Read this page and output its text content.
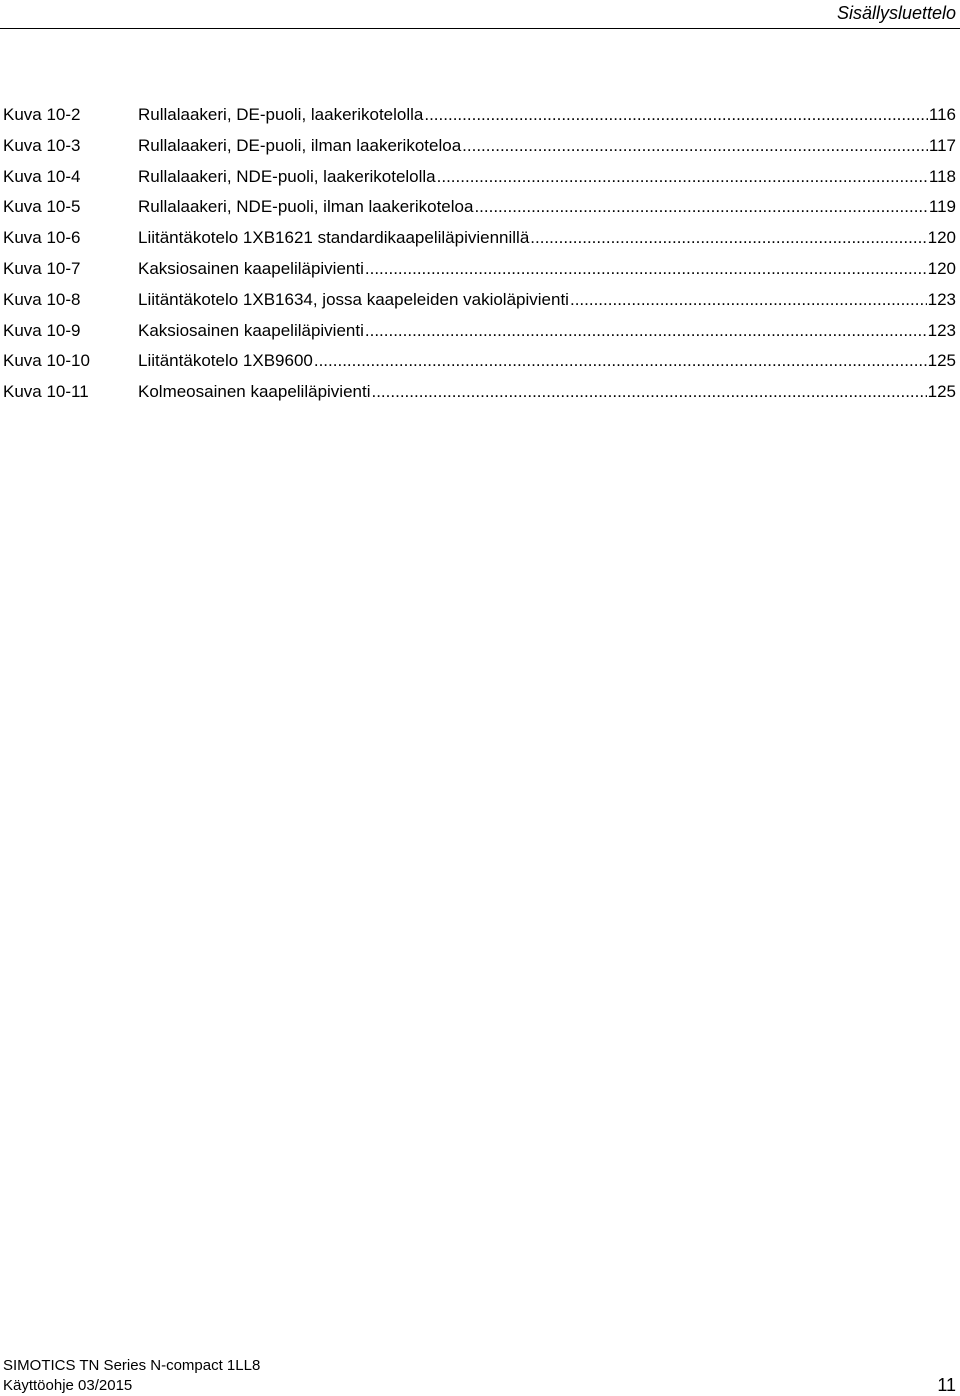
Sisällysluettelo
Kuva 10-2	Rullalaakeri, DE-puoli, laakerikotelolla .....	116
Kuva 10-3	Rullalaakeri, DE-puoli, ilman laakerikoteloa .....	117
Kuva 10-4	Rullalaakeri, NDE-puoli, laakerikotelolla .....	118
Kuva 10-5	Rullalaakeri, NDE-puoli, ilman laakerikoteloa .....	119
Kuva 10-6	Liitäntäkotelo 1XB1621 standardikaapeliläpiviennillä .....	120
Kuva 10-7	Kaksiosainen kaapeliläpivienti .....	120
Kuva 10-8	Liitäntäkotelo 1XB1634, jossa kaapeleiden vakioläpivienti .....	123
Kuva 10-9	Kaksiosainen kaapeliläpivienti .....	123
Kuva 10-10	Liitäntäkotelo 1XB9600 .....	125
Kuva 10-11	Kolmeosainen kaapeliläpivienti .....	125
SIMOTICS TN Series N-compact 1LL8
Käyttöohje 03/2015	11
